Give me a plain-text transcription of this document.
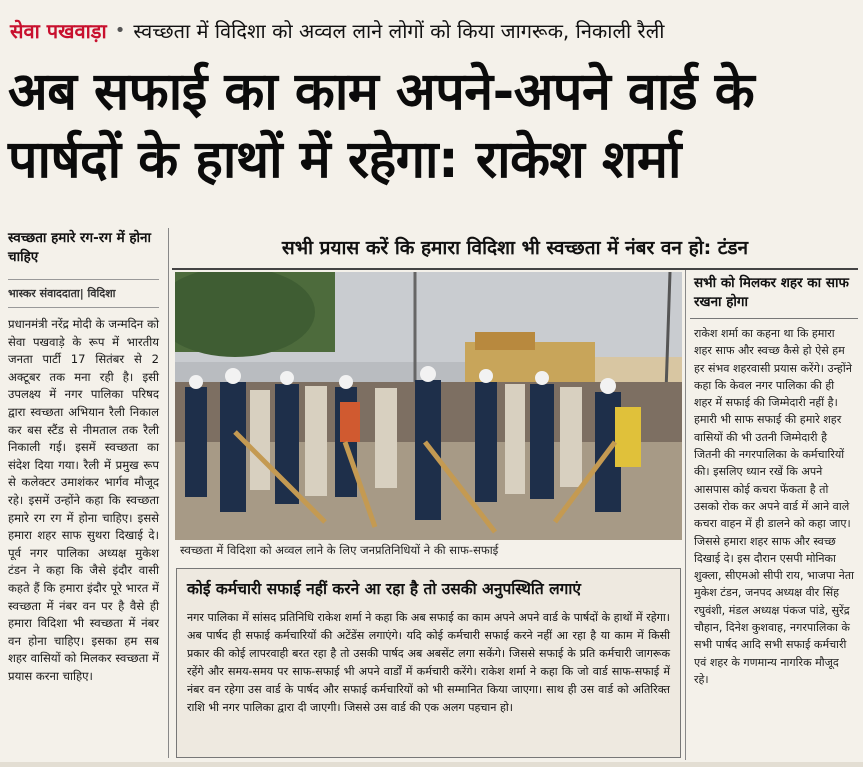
सेवा पखवाड़ा • स्वच्छता में विदिशा को अव्वल लाने लोगों को किया जागरूक, निकाली रैली
अब सफाई का काम अपने-अपने वार्ड के पार्षदों के हाथों में रहेगा: राकेश शर्मा
स्वच्छता हमारे रग-रग में होना चाहिए
भास्कर संवाददाता| विदिशा
प्रधानमंत्री नरेंद्र मोदी के जन्मदिन को सेवा पखवाड़े के रूप में भारतीय जनता पार्टी 17 सितंबर से 2 अक्टूबर तक मना रही है। इसी उपलक्ष्य में नगर पालिका परिषद द्वारा स्वच्छता अभियान रैली निकाल कर बस स्टैंड से नीमताल तक रैली निकाली गई। इसमें स्वच्छता का संदेश दिया गया। रैली में प्रमुख रूप से कलेक्टर उमाशंकर भार्गव मौजूद रहे। इसमें उन्होंने कहा कि स्वच्छता हमारे रग रग में होना चाहिए। इससे हमारा शहर साफ सुथरा दिखाई दे। पूर्व नगर पालिका अध्यक्ष मुकेश टंडन ने कहा कि जैसे इंदौर वासी कहते हैं कि हमारा इंदौर पूरे भारत में स्वच्छता में नंबर वन पर है वैसे ही हमारा विदिशा भी स्वच्छता में नंबर वन होना चाहिए। इसका हम सब शहर वासियों को मिलकर स्वच्छता में प्रयास करना चाहिए।
सभी प्रयास करें कि हमारा विदिशा भी स्वच्छता में नंबर वन हो: टंडन
स्वच्छता में विदिशा को अव्वल लाने के लिए जनप्रतिनिधियों ने की साफ-सफाई
कोई कर्मचारी सफाई नहीं करने आ रहा है तो उसकी अनुपस्थिति लगाएं
नगर पालिका में सांसद प्रतिनिधि राकेश शर्मा ने कहा कि अब सफाई का काम अपने अपने वार्ड के पार्षदों के हाथों में रहेगा। अब पार्षद ही सफाई कर्मचारियों की अटेंडेंस लगाएंगे। यदि कोई कर्मचारी सफाई करने नहीं आ रहा है या काम में किसी प्रकार की कोई लापरवाही बरत रहा है तो उसकी पार्षद अब अबसेंट लगा सकेंगे। जिससे सफाई के प्रति कर्मचारी जागरूक रहेंगे और समय-समय पर साफ-सफाई भी अपने वार्डों में कर्मचारी करेंगे। राकेश शर्मा ने कहा कि जो वार्ड साफ-सफाई में नंबर वन रहेगा उस वार्ड के पार्षद और सफाई कर्मचारियों को भी सम्मानित किया जाएगा। साथ ही उस वार्ड को अतिरिक्त राशि भी नगर पालिका द्वारा दी जाएगी। जिससे उस वार्ड की एक अलग पहचान हो।
सभी को मिलकर शहर का साफ रखना होगा
राकेश शर्मा का कहना था कि हमारा शहर साफ और स्वच्छ कैसे हो ऐसे हम हर संभव शहरवासी प्रयास करेंगे। उन्होंने कहा कि केवल नगर पालिका की ही शहर में सफाई की जिम्मेदारी नहीं है। हमारी भी साफ सफाई की हमारे शहर वासियों की भी उतनी जिम्मेदारी है जितनी की नगरपालिका के कर्मचारियों की। इसलिए ध्यान रखें कि अपने आसपास कोई कचरा फेंकता है तो उसको रोक कर अपने वार्ड में आने वाले कचरा वाहन में ही डालने को कहा जाए। जिससे हमारा शहर साफ और स्वच्छ दिखाई दे। इस दौरान एसपी मोनिका शुक्ला, सीएमओ सीपी राय, भाजपा नेता मुकेश टंडन, जनपद अध्यक्ष वीर सिंह रघुवंशी, मंडल अध्यक्ष पंकज पांडे, सुरेंद्र चौहान, दिनेश कुशवाह, नगरपालिका के सभी पार्षद आदि सभी सफाई कर्मचारी एवं शहर के गणमान्य नागरिक मौजूद रहे।
